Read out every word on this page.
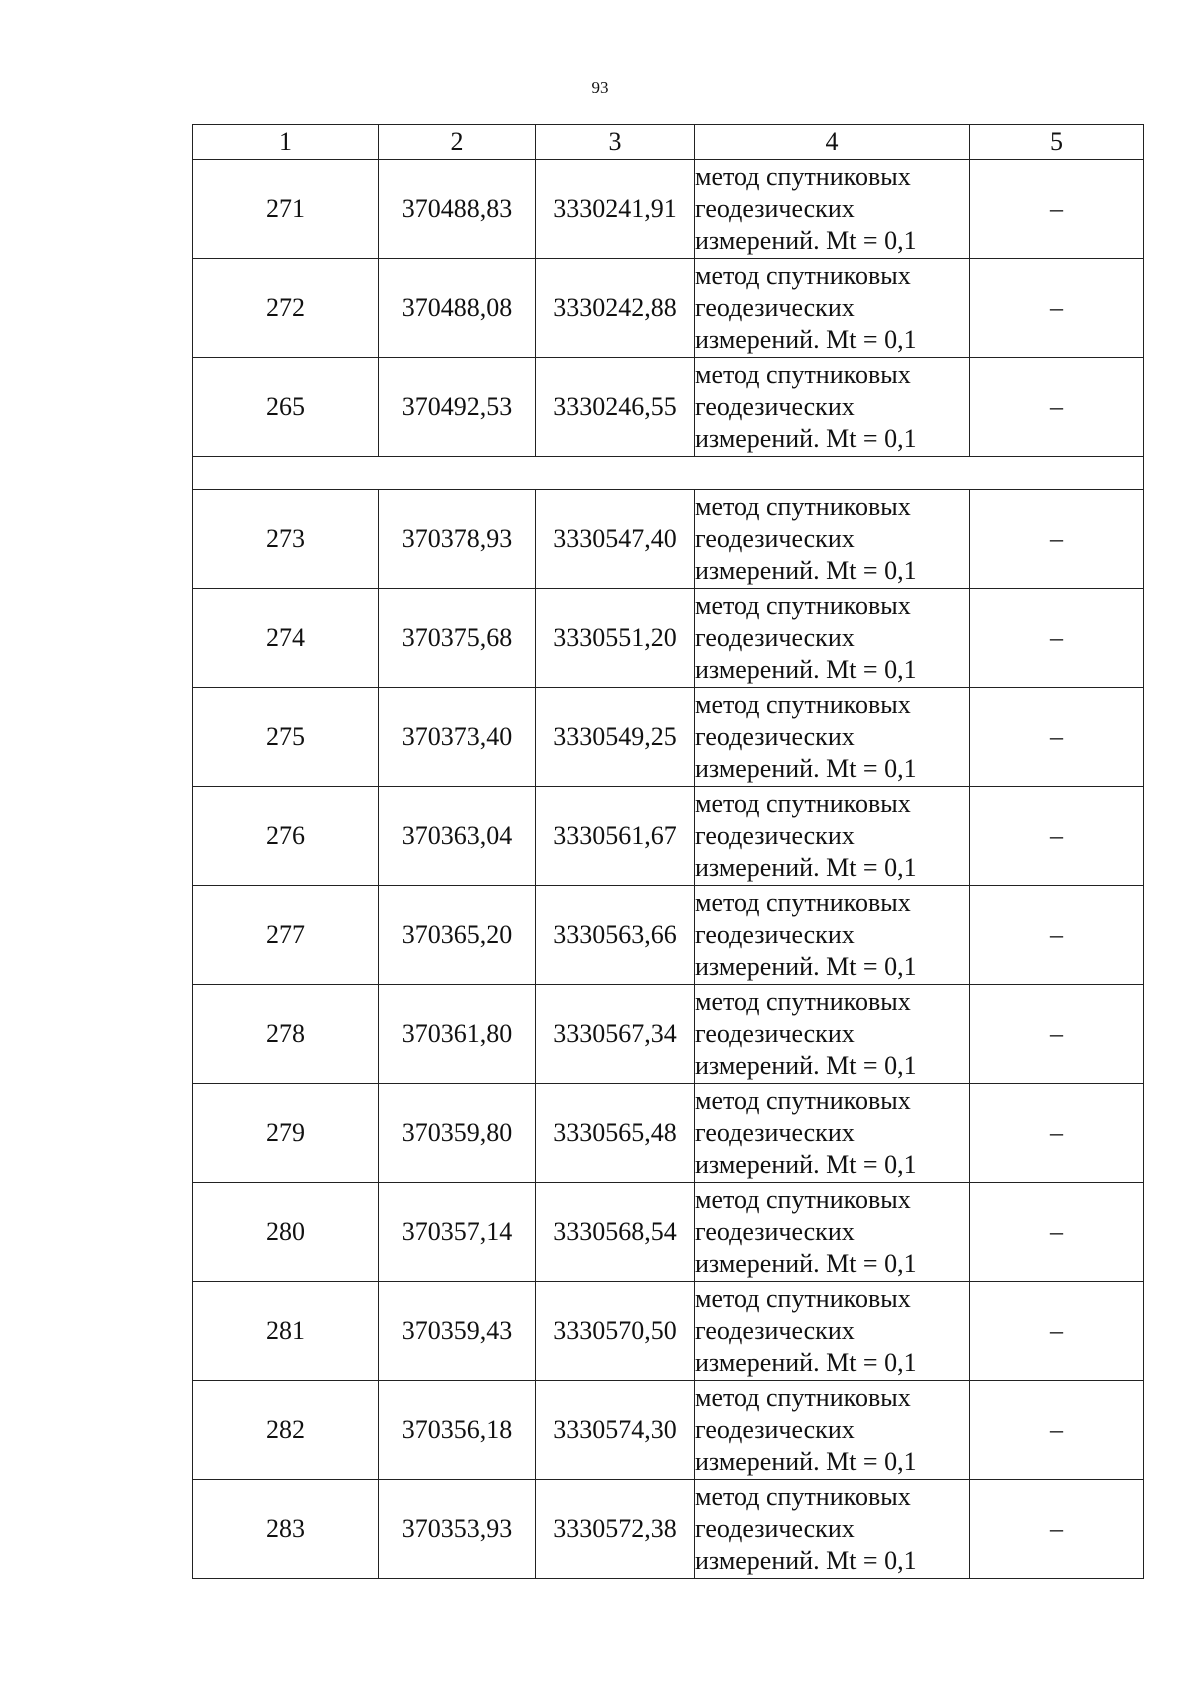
93
1	2	3	4	5
271	370488,83	3330241,91	метод спутниковых
геодезических
измерений. Mt = 0,1	–
272	370488,08	3330242,88	метод спутниковых
геодезических
измерений. Mt = 0,1	–
265	370492,53	3330246,55	метод спутниковых
геодезических
измерений. Mt = 0,1	–

273	370378,93	3330547,40	метод спутниковых
геодезических
измерений. Mt = 0,1	–
274	370375,68	3330551,20	метод спутниковых
геодезических
измерений. Mt = 0,1	–
275	370373,40	3330549,25	метод спутниковых
геодезических
измерений. Mt = 0,1	–
276	370363,04	3330561,67	метод спутниковых
геодезических
измерений. Mt = 0,1	–
277	370365,20	3330563,66	метод спутниковых
геодезических
измерений. Mt = 0,1	–
278	370361,80	3330567,34	метод спутниковых
геодезических
измерений. Mt = 0,1	–
279	370359,80	3330565,48	метод спутниковых
геодезических
измерений. Mt = 0,1	–
280	370357,14	3330568,54	метод спутниковых
геодезических
измерений. Mt = 0,1	–
281	370359,43	3330570,50	метод спутниковых
геодезических
измерений. Mt = 0,1	–
282	370356,18	3330574,30	метод спутниковых
геодезических
измерений. Mt = 0,1	–
283	370353,93	3330572,38	метод спутниковых
геодезических
измерений. Mt = 0,1	–
